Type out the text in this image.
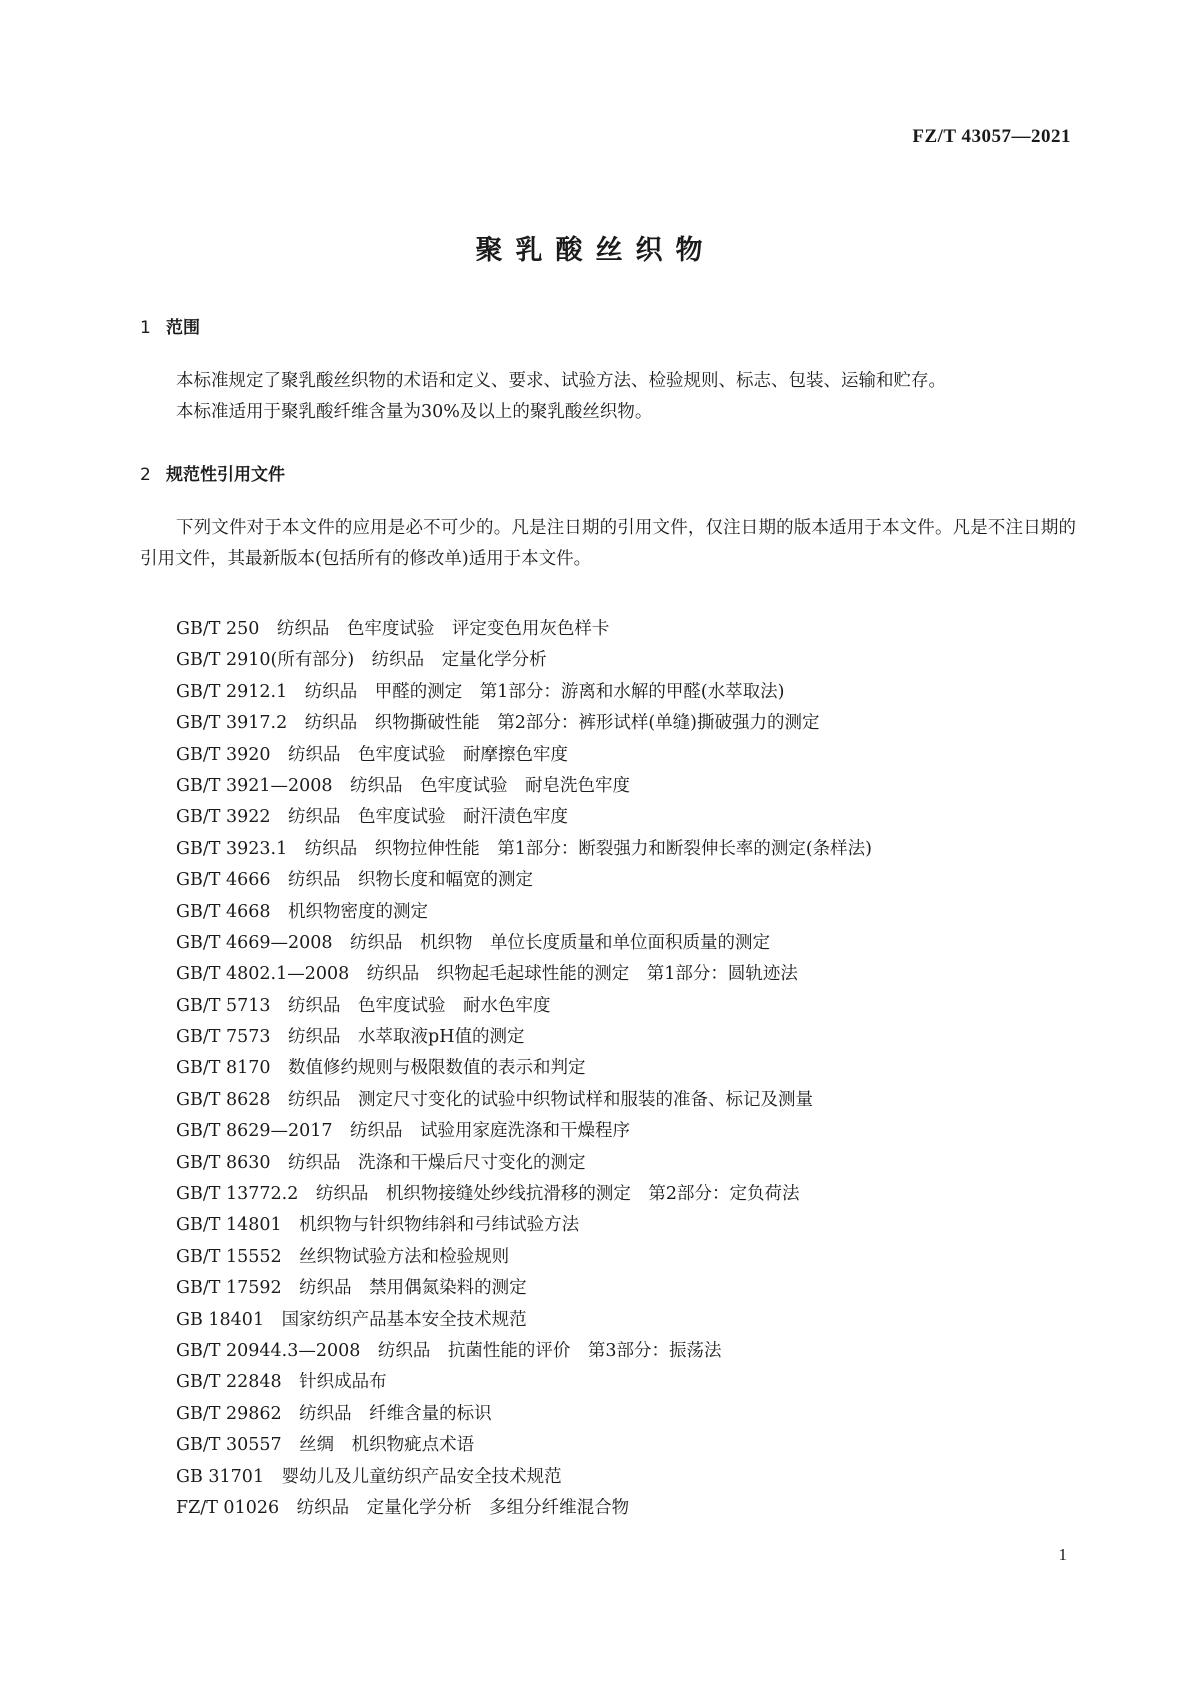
FZ/T 43057—2021
聚乳酸丝织物
1 范围

本标准规定了聚乳酸丝织物的术语和定义、要求、试验方法、检验规则、标志、包装、运输和贮存。

本标准适用于聚乳酸纤维含量为30%及以上的聚乳酸丝织物。

2 规范性引用文件

下列文件对于本文件的应用是必不可少的。凡是注日期的引用文件，仅注日期的版本适用于本文件。凡是不注日期的引用文件，其最新版本(包括所有的修改单)适用于本文件。

GB/T 250　纺织品　色牢度试验　评定变色用灰色样卡
GB/T 2910(所有部分)　纺织品　定量化学分析
GB/T 2912.1　纺织品　甲醛的测定　第1部分：游离和水解的甲醛(水萃取法)
GB/T 3917.2　纺织品　织物撕破性能　第2部分：裤形试样(单缝)撕破强力的测定
GB/T 3920　纺织品　色牢度试验　耐摩擦色牢度
GB/T 3921—2008　纺织品　色牢度试验　耐皂洗色牢度
GB/T 3922　纺织品　色牢度试验　耐汗渍色牢度
GB/T 3923.1　纺织品　织物拉伸性能　第1部分：断裂强力和断裂伸长率的测定(条样法)
GB/T 4666　纺织品　织物长度和幅宽的测定
GB/T 4668　机织物密度的测定
GB/T 4669—2008　纺织品　机织物　单位长度质量和单位面积质量的测定
GB/T 4802.1—2008　纺织品　织物起毛起球性能的测定　第1部分：圆轨迹法
GB/T 5713　纺织品　色牢度试验　耐水色牢度
GB/T 7573　纺织品　水萃取液pH值的测定
GB/T 8170　数值修约规则与极限数值的表示和判定
GB/T 8628　纺织品　测定尺寸变化的试验中织物试样和服装的准备、标记及测量
GB/T 8629—2017　纺织品　试验用家庭洗涤和干燥程序
GB/T 8630　纺织品　洗涤和干燥后尺寸变化的测定
GB/T 13772.2　纺织品　机织物接缝处纱线抗滑移的测定　第2部分：定负荷法
GB/T 14801　机织物与针织物纬斜和弓纬试验方法
GB/T 15552　丝织物试验方法和检验规则
GB/T 17592　纺织品　禁用偶氮染料的测定
GB 18401　国家纺织产品基本安全技术规范
GB/T 20944.3—2008　纺织品　抗菌性能的评价　第3部分：振荡法
GB/T 22848　针织成品布
GB/T 29862　纺织品　纤维含量的标识
GB/T 30557　丝绸　机织物疵点术语
GB 31701　婴幼儿及儿童纺织产品安全技术规范
FZ/T 01026　纺织品　定量化学分析　多组分纤维混合物
1
